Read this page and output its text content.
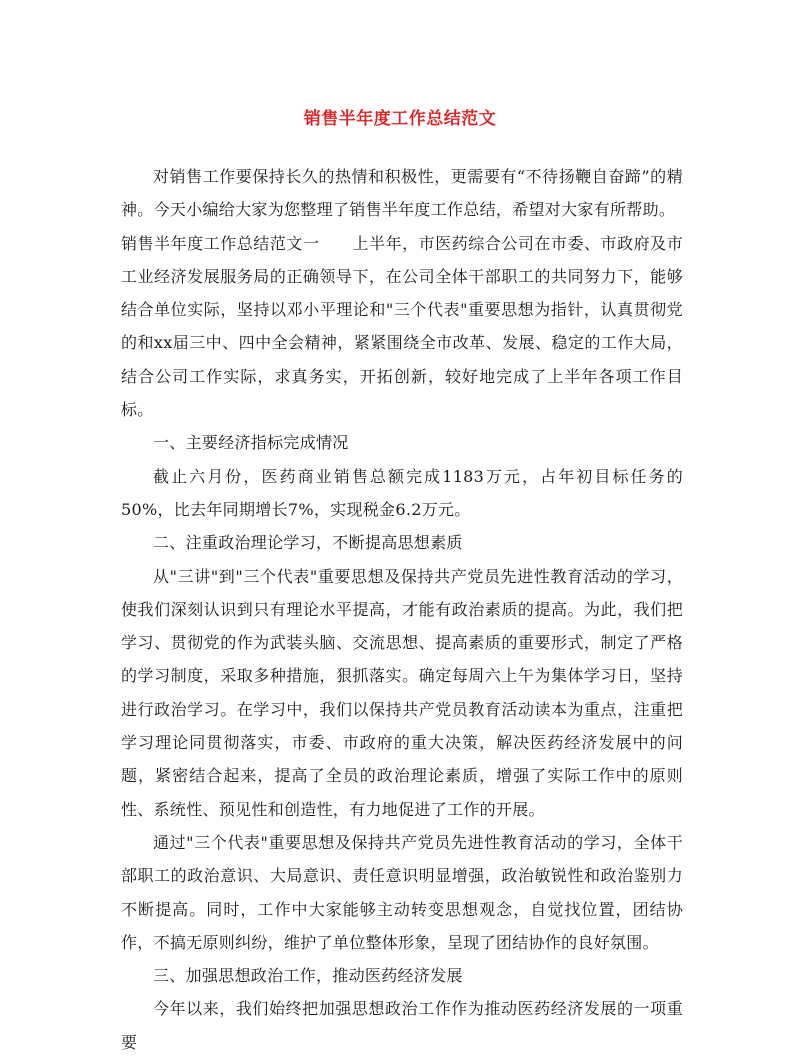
销售半年度工作总结范文

对销售工作要保持长久的热情和积极性，更需要有“不待扬鞭自奋蹄”的精神。今天小编给大家为您整理了销售半年度工作总结，希望对大家有所帮助。

销售半年度工作总结范文一　　上半年，市医药综合公司在市委、市政府及市工业经济发展服务局的正确领导下，在公司全体干部职工的共同努力下，能够结合单位实际，坚持以邓小平理论和"三个代表"重要思想为指针，认真贯彻党的和xx届三中、四中全会精神，紧紧围绕全市改革、发展、稳定的工作大局，结合公司工作实际，求真务实，开拓创新，较好地完成了上半年各项工作目标。

一、主要经济指标完成情况

截止六月份，医药商业销售总额完成1183万元，占年初目标任务的50%，比去年同期增长7%，实现税金6.2万元。

二、注重政治理论学习，不断提高思想素质

从"三讲"到"三个代表"重要思想及保持共产党员先进性教育活动的学习，使我们深刻认识到只有理论水平提高，才能有政治素质的提高。为此，我们把学习、贯彻党的作为武装头脑、交流思想、提高素质的重要形式，制定了严格的学习制度，采取多种措施，狠抓落实。确定每周六上午为集体学习日，坚持进行政治学习。在学习中，我们以保持共产党员教育活动读本为重点，注重把学习理论同贯彻落实，市委、市政府的重大决策，解决医药经济发展中的问题，紧密结合起来，提高了全员的政治理论素质，增强了实际工作中的原则性、系统性、预见性和创造性，有力地促进了工作的开展。

通过"三个代表"重要思想及保持共产党员先进性教育活动的学习，全体干部职工的政治意识、大局意识、责任意识明显增强，政治敏锐性和政治鉴别力不断提高。同时，工作中大家能够主动转变思想观念，自觉找位置，团结协作，不搞无原则纠纷，维护了单位整体形象，呈现了团结协作的良好氛围。

三、加强思想政治工作，推动医药经济发展

今年以来，我们始终把加强思想政治工作作为推动医药经济发展的一项重要
